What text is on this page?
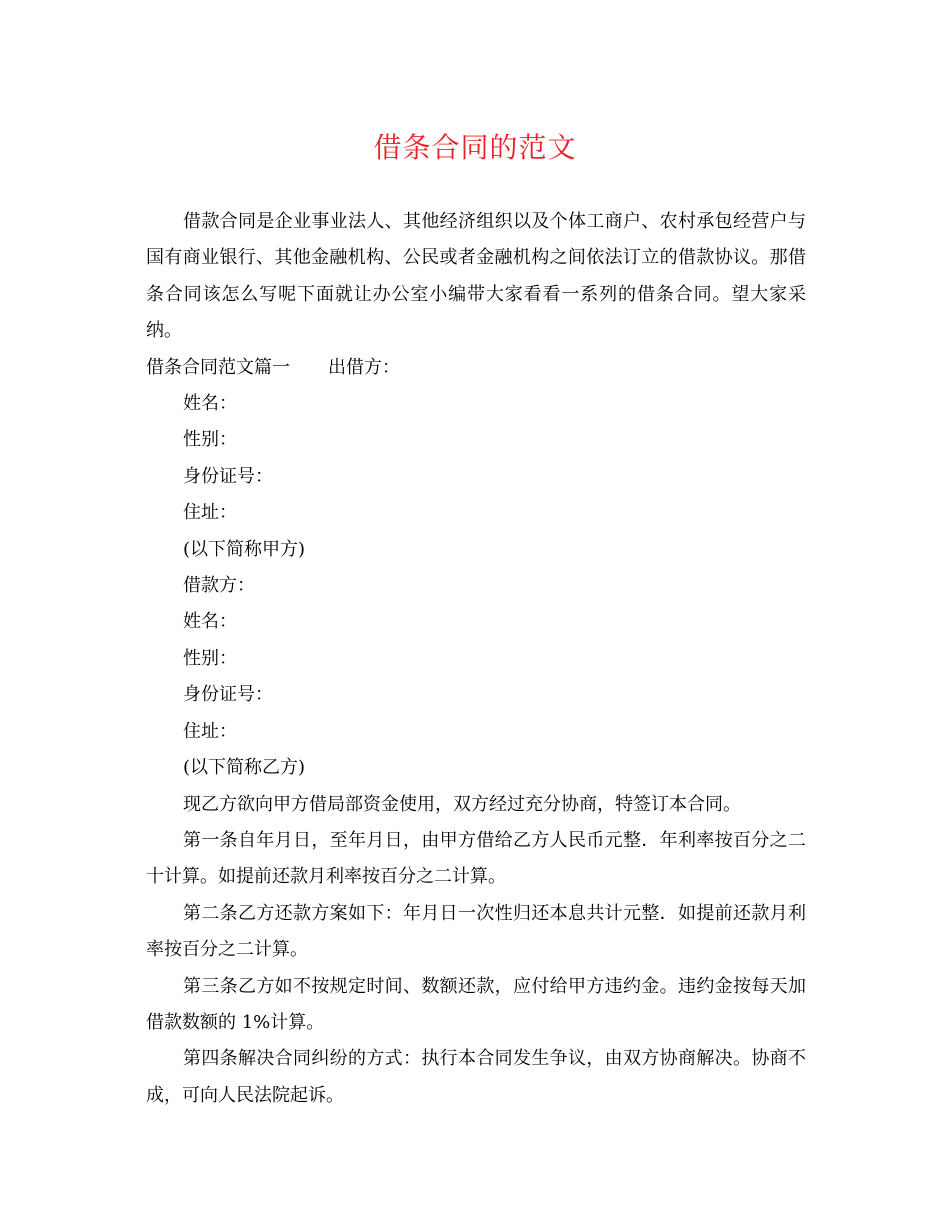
借条合同的范文

借款合同是企业事业法人、其他经济组织以及个体工商户、农村承包经营户与国有商业银行、其他金融机构、公民或者金融机构之间依法订立的借款协议。那借条合同该怎么写呢下面就让办公室小编带大家看看一系列的借条合同。望大家采纳。

借条合同范文篇一 出借方：

姓名：

性别：

身份证号：

住址：

(以下简称甲方)

借款方：

姓名：

性别：

身份证号：

住址：

(以下简称乙方)

现乙方欲向甲方借局部资金使用，双方经过充分协商，特签订本合同。

第一条自年月日，至年月日，由甲方借给乙方人民币元整．年利率按百分之二十计算。如提前还款月利率按百分之二计算。

第二条乙方还款方案如下：年月日一次性归还本息共计元整．如提前还款月利率按百分之二计算。

第三条乙方如不按规定时间、数额还款，应付给甲方违约金。违约金按每天加借款数额的 1%计算。

第四条解决合同纠纷的方式：执行本合同发生争议，由双方协商解决。协商不成，可向人民法院起诉。
